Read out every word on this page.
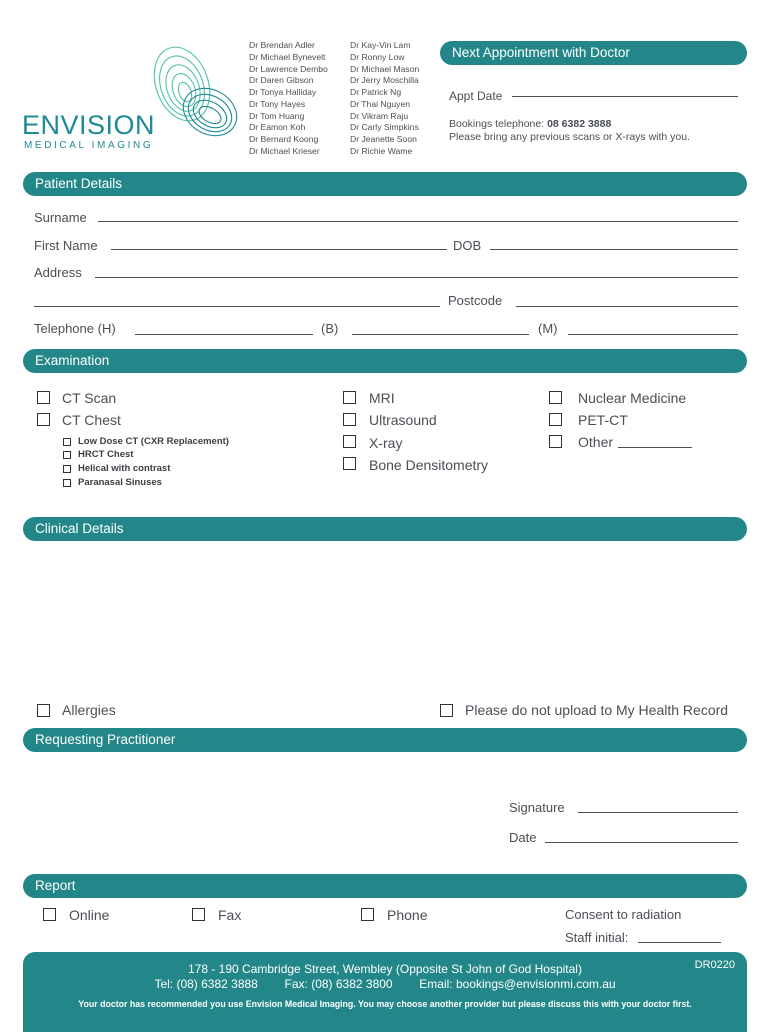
ENVISION
MEDICAL IMAGING
Dr Brendan Adler
Dr Michael Bynevelt
Dr Lawrence Dembo
Dr Daren Gibson
Dr Tonya Halliday
Dr Tony Hayes
Dr Tom Huang
Dr Eamon Koh
Dr Bernard Koong
Dr Michael Krieser
Dr Kay-Vin Lam
Dr Ronny Low
Dr Michael Mason
Dr Jerry Moschilla
Dr Patrick Ng
Dr Thai Nguyen
Dr Vikram Raju
Dr Carly Simpkins
Dr Jeanette Soon
Dr Richie Wame
Next Appointment with Doctor
Appt Date
Bookings telephone: 08 6382 3888
Please bring any previous scans or X-rays with you.
Patient Details
Surname
First Name	DOB
Address
Postcode
Telephone (H)	(B)	(M)
Examination
CT Scan
CT Chest
Low Dose CT (CXR Replacement)
HRCT Chest
Helical with contrast
Paranasal Sinuses
MRI
Ultrasound
X-ray
Bone Densitometry
Nuclear Medicine
PET-CT
Other
Clinical Details
Allergies	Please do not upload to My Health Record
Requesting Practitioner
Signature
Date
Report
Online	Fax	Phone	Consent to radiation
Staff initial:
178 - 190 Cambridge Street, Wembley (Opposite St John of God Hospital)
Tel: (08) 6382 3888 Fax: (08) 6382 3800 Email: bookings@envisionmi.com.au
DR0220
Your doctor has recommended you use Envision Medical Imaging. You may choose another provider but please discuss this with your doctor first.
